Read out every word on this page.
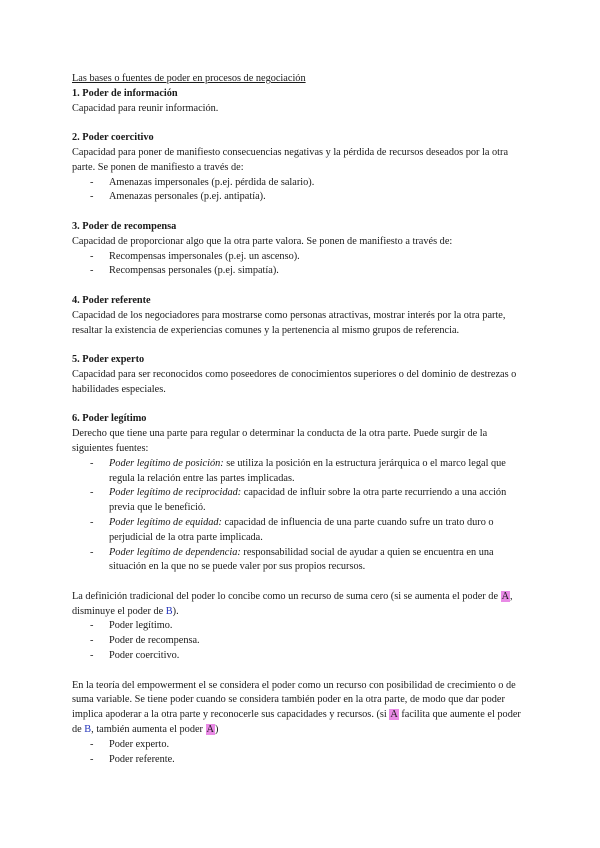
Las bases o fuentes de poder en procesos de negociación

1. Poder de información

Capacidad para reunir información.

2. Poder coercitivo

Capacidad para poner de manifiesto consecuencias negativas y la pérdida de recursos deseados por la otra parte. Se ponen de manifiesto a través de:

- Amenazas impersonales (p.ej. pérdida de salario).
- Amenazas personales (p.ej. antipatía).

3. Poder de recompensa

Capacidad de proporcionar algo que la otra parte valora. Se ponen de manifiesto a través de:

- Recompensas impersonales (p.ej. un ascenso).
- Recompensas personales (p.ej. simpatía).

4. Poder referente

Capacidad de los negociadores para mostrarse como personas atractivas, mostrar interés por la otra parte, resaltar la existencia de experiencias comunes y la pertenencia al mismo grupos de referencia.

5. Poder experto

Capacidad para ser reconocidos como poseedores de conocimientos superiores o del dominio de destrezas o habilidades especiales.

6. Poder legítimo

Derecho que tiene una parte para regular o determinar la conducta de la otra parte. Puede surgir de la siguientes fuentes:

- Poder legítimo de posición: se utiliza la posición en la estructura jerárquica o el marco legal que regula la relación entre las partes implicadas.
- Poder legítimo de reciprocidad: capacidad de influir sobre la otra parte recurriendo a una acción previa que le benefició.
- Poder legítimo de equidad: capacidad de influencia de una parte cuando sufre un trato duro o perjudicial de la otra parte implicada.
- Poder legítimo de dependencia: responsabilidad social de ayudar a quien se encuentra en una situación en la que no se puede valer por sus propios recursos.

La definición tradicional del poder lo concibe como un recurso de suma cero (si se aumenta el poder de A, disminuye el poder de B).

- Poder legítimo.
- Poder de recompensa.
- Poder coercitivo.

En la teoría del empowerment el se considera el poder como un recurso con posibilidad de crecimiento o de suma variable. Se tiene poder cuando se considera también poder en la otra parte, de modo que dar poder implica apoderar a la otra parte y reconocerle sus capacidades y recursos. (si A facilita que aumente el poder de B, también aumenta el poder A)

- Poder experto.
- Poder referente.
